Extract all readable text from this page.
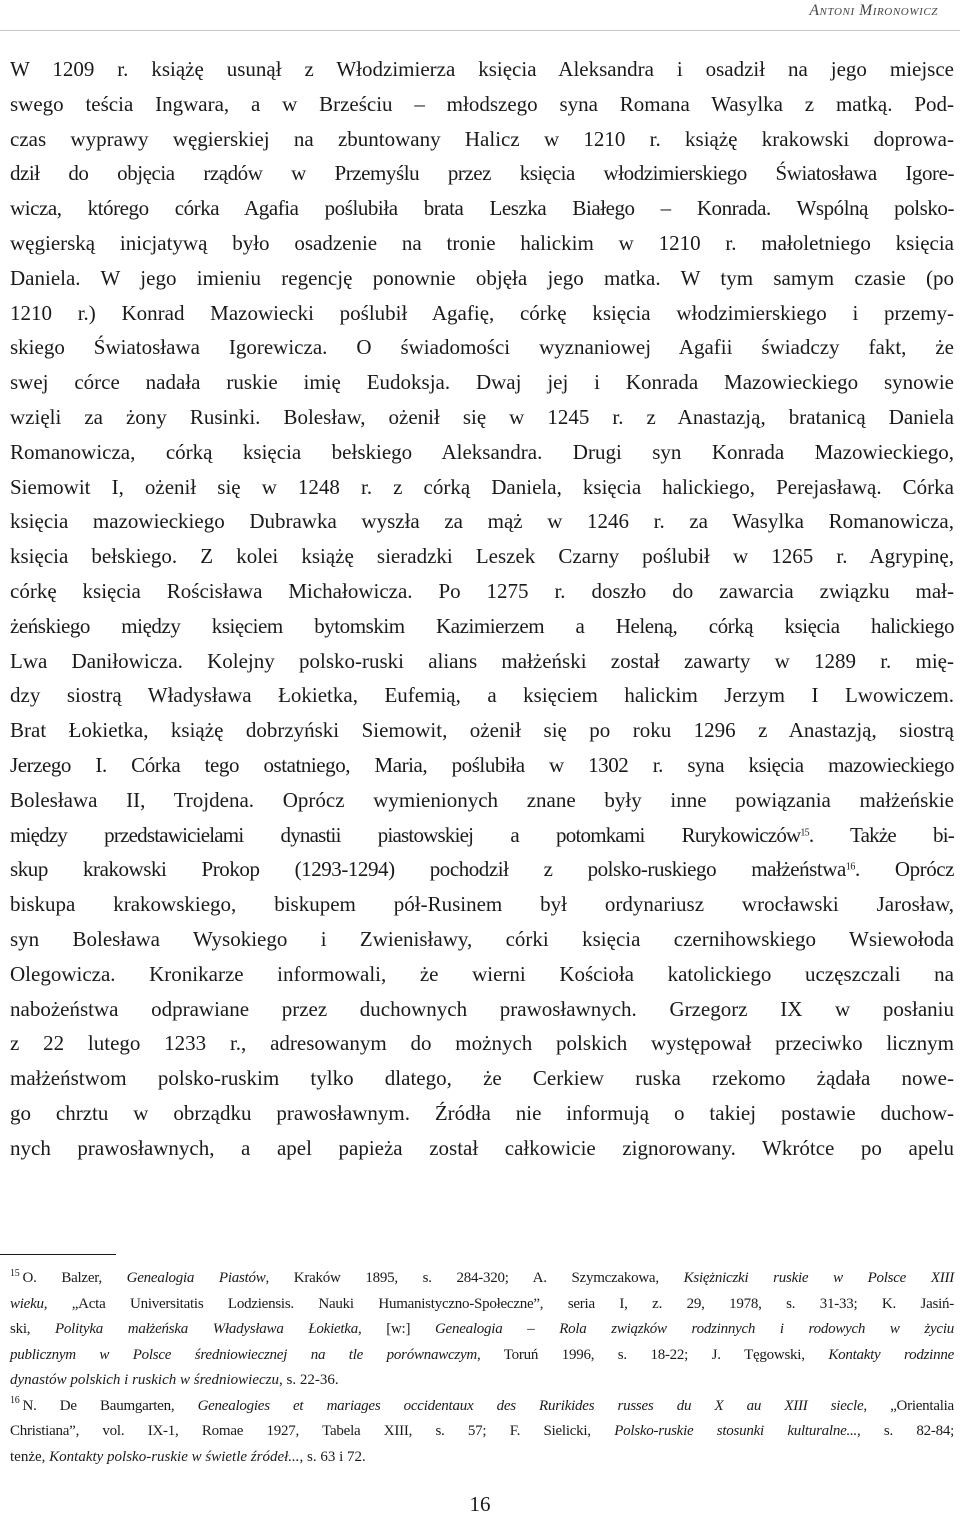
Antoni Mironowicz
W 1209 r. książę usunął z Włodzimierza księcia Aleksandra i osadził na jego miejsce
swego teścia Ingwara, a w Brześciu – młodszego syna Romana Wasylka z matką. Pod-
czas wyprawy węgierskiej na zbuntowany Halicz w 1210 r. książę krakowski doprowa-
dził do objęcia rządów w Przemyślu przez księcia włodzimierskiego Światosława Igore-
wicza, którego córka Agafia poślubiła brata Leszka Białego – Konrada. Wspólną polsko-
węgierską inicjatywą było osadzenie na tronie halickim w 1210 r. małoletniego księcia
Daniela. W jego imieniu regencję ponownie objęła jego matka. W tym samym czasie (po
1210 r.) Konrad Mazowiecki poślubił Agafię, córkę księcia włodzimierskiego i przemy-
skiego Światosława Igorewicza. O świadomości wyznaniowej Agafii świadczy fakt, że
swej córce nadała ruskie imię Eudoksja. Dwaj jej i Konrada Mazowieckiego synowie
wzięli za żony Rusinki. Bolesław, ożenił się w 1245 r. z Anastazją, bratanicą Daniela
Romanowicza, córką księcia bełskiego Aleksandra. Drugi syn Konrada Mazowieckiego,
Siemowit I, ożenił się w 1248 r. z córką Daniela, księcia halickiego, Perejasławą. Córka
księcia mazowieckiego Dubrawka wyszła za mąż w 1246 r. za Wasylka Romanowicza,
księcia bełskiego. Z kolei książę sieradzki Leszek Czarny poślubił w 1265 r. Agrypinę,
córkę księcia Rościsława Michałowicza. Po 1275 r. doszło do zawarcia związku mał-
żeńskiego między księciem bytomskim Kazimierzem a Heleną, córką księcia halickiego
Lwa Daniłowicza. Kolejny polsko-ruski alians małżeński został zawarty w 1289 r. mię-
dzy siostrą Władysława Łokietka, Eufemią, a księciem halickim Jerzym I Lwowiczem.
Brat Łokietka, książę dobrzyński Siemowit, ożenił się po roku 1296 z Anastazją, siostrą
Jerzego I. Córka tego ostatniego, Maria, poślubiła w 1302 r. syna księcia mazowieckiego
Bolesława II, Trojdena. Oprócz wymienionych znane były inne powiązania małżeńskie
między przedstawicielami dynastii piastowskiej a potomkami Rurykowiczów$^{15}$. Także bi-
skup krakowski Prokop (1293-1294) pochodził z polsko-ruskiego małżeństwa$^{16}$. Oprócz
biskupa krakowskiego, biskupem pół-Rusinem był ordynariusz wrocławski Jarosław,
syn Bolesława Wysokiego i Zwienisławy, córki księcia czernihowskiego Wsiewołoda
Olegowicza. Kronikarze informowali, że wierni Kościoła katolickiego uczęszczali na
nabożeństwa odprawiane przez duchownych prawosławnych. Grzegorz IX w posłaniu
z 22 lutego 1233 r., adresowanym do możnych polskich występował przeciwko licznym
małżeństwom polsko-ruskim tylko dlatego, że Cerkiew ruska rzekomo żądała nowe-
go chrztu w obrządku prawosławnym. Źródła nie informują o takiej postawie duchow-
nych prawosławnych, a apel papieża został całkowicie zignorowany. Wkrótce po apelu
$^{15}$ O. Balzer, Genealogia Piastów, Kraków 1895, s. 284-320; A. Szymczakowa, Księżniczki ruskie w Polsce XIII
wieku, „Acta Universitatis Lodziensis. Nauki Humanistyczno-Społeczne”, seria I, z. 29, 1978, s. 31-33; K. Jasiń-
ski, Polityka małżeńska Władysława Łokietka, [w:] Genealogia – Rola związków rodzinnych i rodowych w życiu
publicznym w Polsce średniowiecznej na tle porównawczym, Toruń 1996, s. 18-22; J. Tęgowski, Kontakty rodzinne
dynastów polskich i ruskich w średniowieczu, s. 22-36.
$^{16}$ N. De Baumgarten, Genealogies et mariages occidentaux des Rurikides russes du X au XIII siecle, „Orientalia
Christiana”, vol. IX-1, Romae 1927, Tabela XIII, s. 57; F. Sielicki, Polsko-ruskie stosunki kulturalne..., s. 82-84;
tenże, Kontakty polsko-ruskie w świetle źródeł..., s. 63 i 72.
16
